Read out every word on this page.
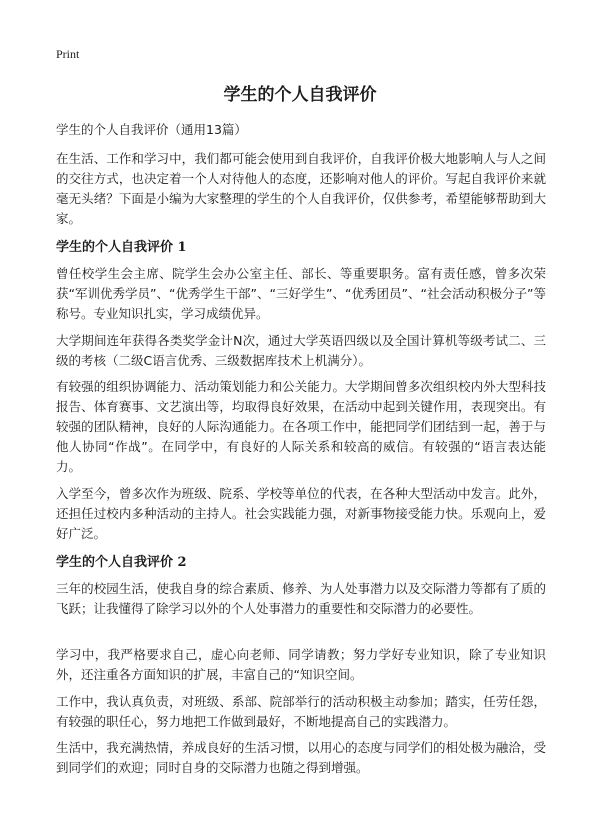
Print
学生的个人自我评价
学生的个人自我评价（通用13篇）

在生活、工作和学习中，我们都可能会使用到自我评价，自我评价极大地影响人与人之间的交往方式，也决定着一个人对待他人的态度，还影响对他人的评价。写起自我评价来就毫无头绪？下面是小编为大家整理的学生的个人自我评价，仅供参考，希望能够帮助到大家。

学生的个人自我评价 1

曾任校学生会主席、院学生会办公室主任、部长、等重要职务。富有责任感，曾多次荣获“军训优秀学员”、“优秀学生干部”、“三好学生”、“优秀团员”、“社会活动积极分子”等称号。专业知识扎实，学习成绩优异。

大学期间连年获得各类奖学金计N次，通过大学英语四级以及全国计算机等级考试二、三级的考核（二级C语言优秀、三级数据库技术上机满分）。

有较强的组织协调能力、活动策划能力和公关能力。大学期间曾多次组织校内外大型科技报告、体育赛事、文艺演出等，均取得良好效果，在活动中起到关键作用，表现突出。有较强的团队精神，良好的人际沟通能力。在各项工作中，能把同学们团结到一起，善于与他人协同“作战”。在同学中，有良好的人际关系和较高的威信。有较强的“语言表达能力。

入学至今，曾多次作为班级、院系、学校等单位的代表，在各种大型活动中发言。此外，还担任过校内多种活动的主持人。社会实践能力强，对新事物接受能力快。乐观向上，爱好广泛。

学生的个人自我评价 2

三年的校园生活，使我自身的综合素质、修养、为人处事潜力以及交际潜力等都有了质的飞跃；让我懂得了除学习以外的个人处事潜力的重要性和交际潜力的必要性。

学习中，我严格要求自己，虚心向老师、同学请教；努力学好专业知识，除了专业知识外，还注重各方面知识的扩展，丰富自己的“知识空间。

工作中，我认真负责，对班级、系部、院部举行的活动积极主动参加；踏实，任劳任怨，有较强的职任心，努力地把工作做到最好，不断地提高自己的实践潜力。

生活中，我充满热情，养成良好的生活习惯，以用心的态度与同学们的相处极为融洽，受到同学们的欢迎；同时自身的交际潜力也随之得到增强。
